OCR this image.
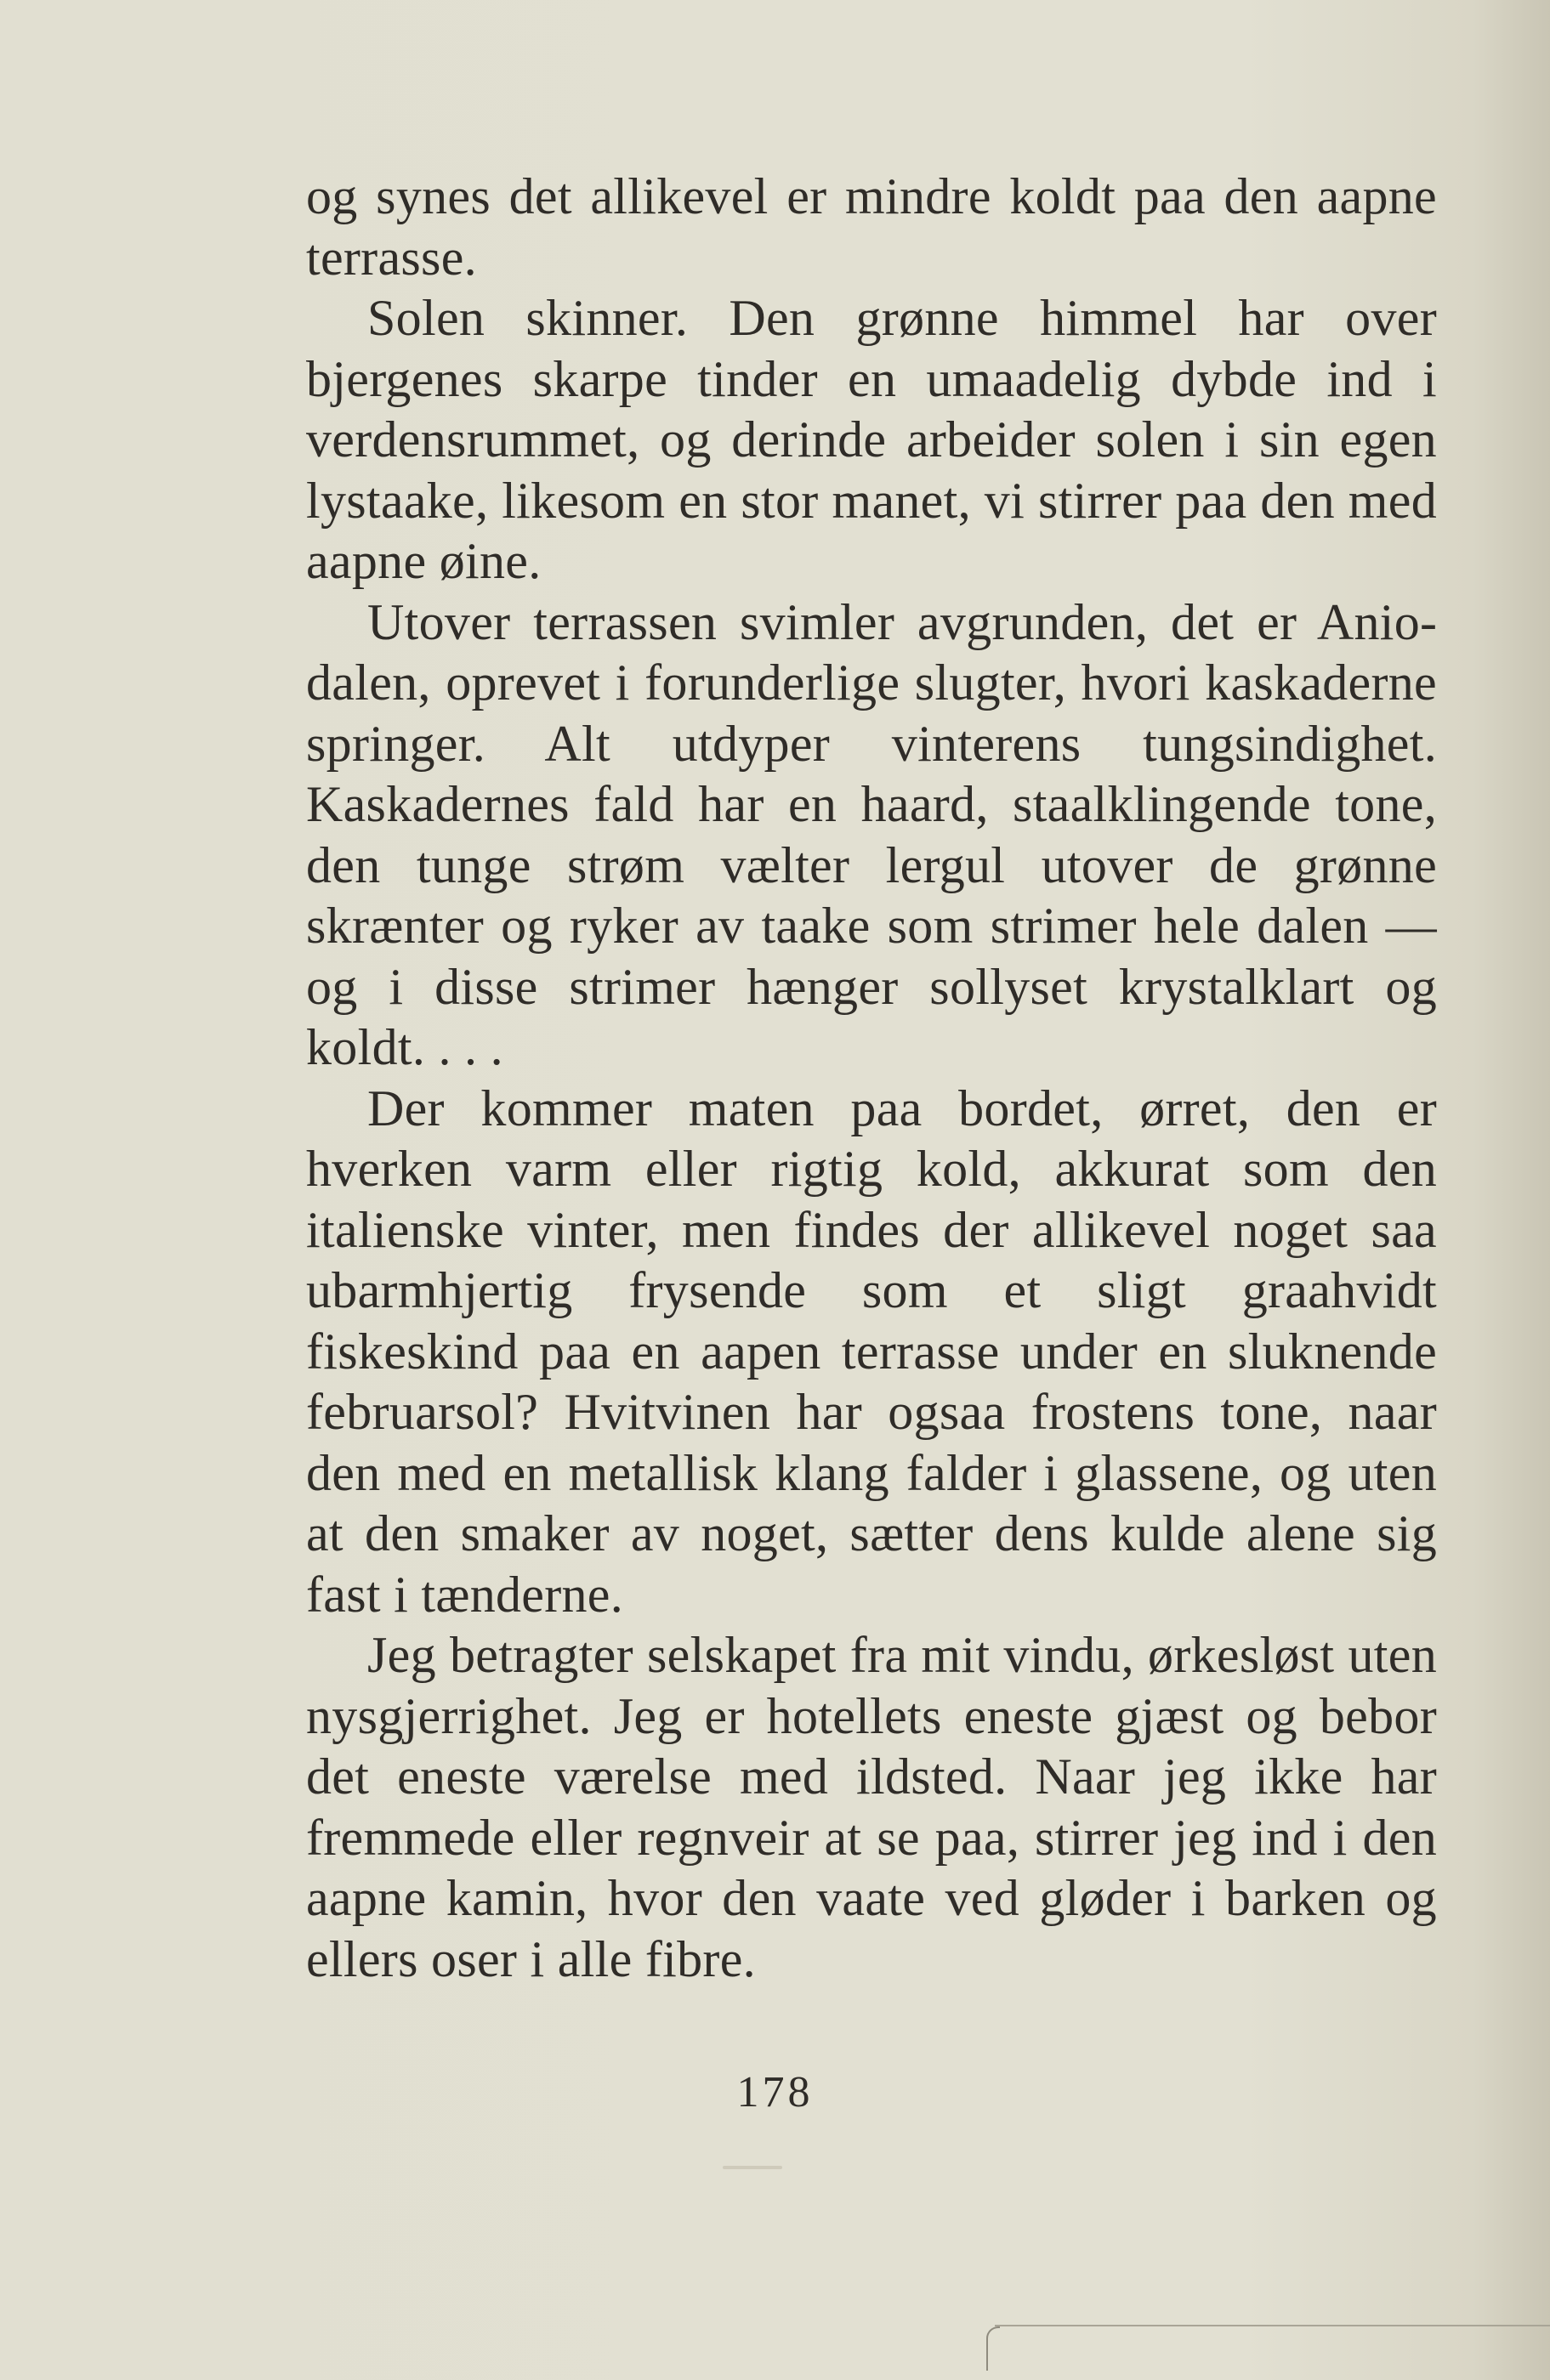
og synes det allikevel er mindre koldt paa den aapne terrasse.

Solen skinner. Den grønne himmel har over bjergenes skarpe tinder en umaadelig dybde ind i verdensrummet, og derinde arbeider solen i sin egen lystaake, likesom en stor manet, vi stirrer paa den med aapne øine.

Utover terrassen svimler avgrunden, det er Aniodalen, oprevet i forunderlige slugter, hvori kaskaderne springer. Alt utdyper vinterens tungsindighet. Kaskadernes fald har en haard, staalklingende tone, den tunge strøm vælter lergul utover de grønne skrænter og ryker av taake som strimer hele dalen — og i disse strimer hænger sollyset krystalklart og koldt. . . .

Der kommer maten paa bordet, ørret, den er hverken varm eller rigtig kold, akkurat som den italienske vinter, men findes der allikevel noget saa ubarmhjertig frysende som et sligt graahvidt fiskeskind paa en aapen terrasse under en sluknende februarsol? Hvitvinen har ogsaa frostens tone, naar den med en metallisk klang falder i glassene, og uten at den smaker av noget, sætter dens kulde alene sig fast i tænderne.

Jeg betragter selskapet fra mit vindu, ørkesløst uten nysgjerrighet. Jeg er hotellets eneste gjæst og bebor det eneste værelse med ildsted. Naar jeg ikke har fremmede eller regnveir at se paa, stirrer jeg ind i den aapne kamin, hvor den vaate ved gløder i barken og ellers oser i alle fibre.

178
